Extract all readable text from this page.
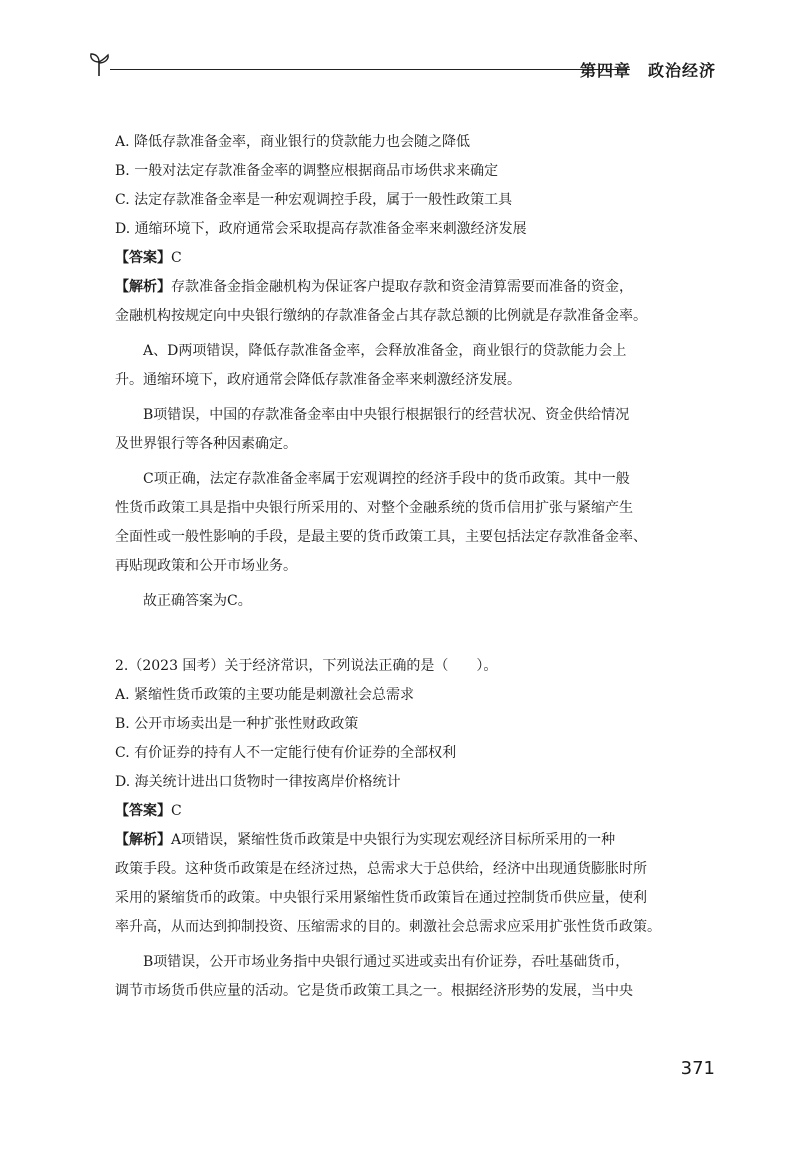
第四章　政治经济
A. 降低存款准备金率，商业银行的贷款能力也会随之降低
B. 一般对法定存款准备金率的调整应根据商品市场供求来确定
C. 法定存款准备金率是一种宏观调控手段，属于一般性政策工具
D. 通缩环境下，政府通常会采取提高存款准备金率来刺激经济发展
【答案】C
【解析】存款准备金指金融机构为保证客户提取存款和资金清算需要而准备的资金，
金融机构按规定向中央银行缴纳的存款准备金占其存款总额的比例就是存款准备金率。
A、D两项错误，降低存款准备金率，会释放准备金，商业银行的贷款能力会上
升。通缩环境下，政府通常会降低存款准备金率来刺激经济发展。
B项错误，中国的存款准备金率由中央银行根据银行的经营状况、资金供给情况
及世界银行等各种因素确定。
C项正确，法定存款准备金率属于宏观调控的经济手段中的货币政策。其中一般
性货币政策工具是指中央银行所采用的、对整个金融系统的货币信用扩张与紧缩产生
全面性或一般性影响的手段，是最主要的货币政策工具，主要包括法定存款准备金率、
再贴现政策和公开市场业务。
故正确答案为C。
2.（2023 国考）关于经济常识，下列说法正确的是（　　）。
A. 紧缩性货币政策的主要功能是刺激社会总需求
B. 公开市场卖出是一种扩张性财政政策
C. 有价证券的持有人不一定能行使有价证券的全部权利
D. 海关统计进出口货物时一律按离岸价格统计
【答案】C
【解析】A项错误，紧缩性货币政策是中央银行为实现宏观经济目标所采用的一种
政策手段。这种货币政策是在经济过热，总需求大于总供给，经济中出现通货膨胀时所
采用的紧缩货币的政策。中央银行采用紧缩性货币政策旨在通过控制货币供应量，使利
率升高，从而达到抑制投资、压缩需求的目的。刺激社会总需求应采用扩张性货币政策。
B项错误，公开市场业务指中央银行通过买进或卖出有价证券，吞吐基础货币，
调节市场货币供应量的活动。它是货币政策工具之一。根据经济形势的发展，当中央
371
